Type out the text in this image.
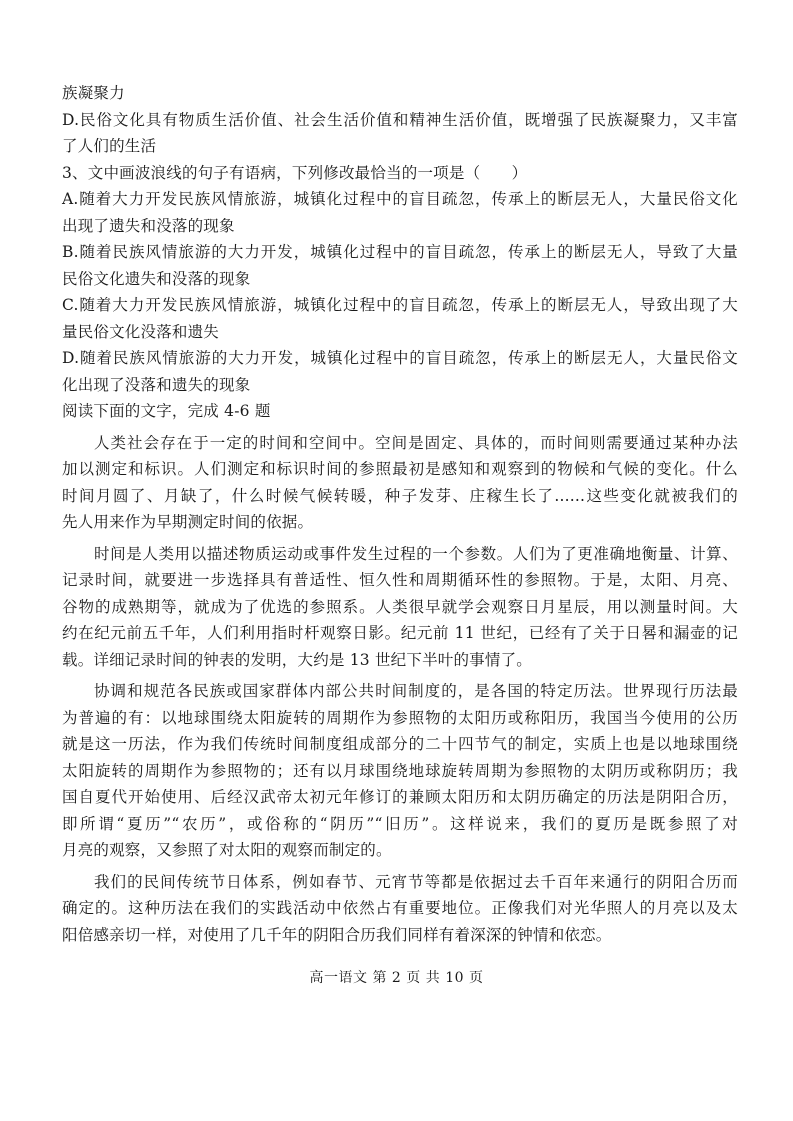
族凝聚力
D.民俗文化具有物质生活价值、社会生活价值和精神生活价值，既增强了民族凝聚力，又丰富
了人们的生活
3、文中画波浪线的句子有语病，下列修改最恰当的一项是（　　）
A.随着大力开发民族风情旅游，城镇化过程中的盲目疏忽，传承上的断层无人，大量民俗文化
出现了遗失和没落的现象
B.随着民族风情旅游的大力开发，城镇化过程中的盲目疏忽，传承上的断层无人，导致了大量
民俗文化遗失和没落的现象
C.随着大力开发民族风情旅游，城镇化过程中的盲目疏忽，传承上的断层无人，导致出现了大
量民俗文化没落和遗失
D.随着民族风情旅游的大力开发，城镇化过程中的盲目疏忽，传承上的断层无人，大量民俗文
化出现了没落和遗失的现象
阅读下面的文字，完成 4-6 题
人类社会存在于一定的时间和空间中。空间是固定、具体的，而时间则需要通过某种办法
加以测定和标识。人们测定和标识时间的参照最初是感知和观察到的物候和气候的变化。什么
时间月圆了、月缺了，什么时候气候转暖，种子发芽、庄稼生长了......这些变化就被我们的
先人用来作为早期测定时间的依据。
时间是人类用以描述物质运动或事件发生过程的一个参数。人们为了更准确地衡量、计算、
记录时间，就要进一步选择具有普适性、恒久性和周期循环性的参照物。于是，太阳、月亮、
谷物的成熟期等，就成为了优选的参照系。人类很早就学会观察日月星辰，用以测量时间。大
约在纪元前五千年，人们利用指时杆观察日影。纪元前 11 世纪，已经有了关于日晷和漏壶的记
载。详细记录时间的钟表的发明，大约是 13 世纪下半叶的事情了。
协调和规范各民族或国家群体内部公共时间制度的，是各国的特定历法。世界现行历法最
为普遍的有：以地球围绕太阳旋转的周期作为参照物的太阳历或称阳历，我国当今使用的公历
就是这一历法，作为我们传统时间制度组成部分的二十四节气的制定，实质上也是以地球围绕
太阳旋转的周期作为参照物的；还有以月球围绕地球旋转周期为参照物的太阴历或称阴历；我
国自夏代开始使用、后经汉武帝太初元年修订的兼顾太阳历和太阴历确定的历法是阴阳合历，
即所谓“夏历”“农历”，或俗称的“阴历”“旧历”。这样说来，我们的夏历是既参照了对
月亮的观察，又参照了对太阳的观察而制定的。
我们的民间传统节日体系，例如春节、元宵节等都是依据过去千百年来通行的阴阳合历而
确定的。这种历法在我们的实践活动中依然占有重要地位。正像我们对光华照人的月亮以及太
阳倍感亲切一样，对使用了几千年的阴阳合历我们同样有着深深的钟情和依恋。
高一语文 第 2 页 共 10 页
